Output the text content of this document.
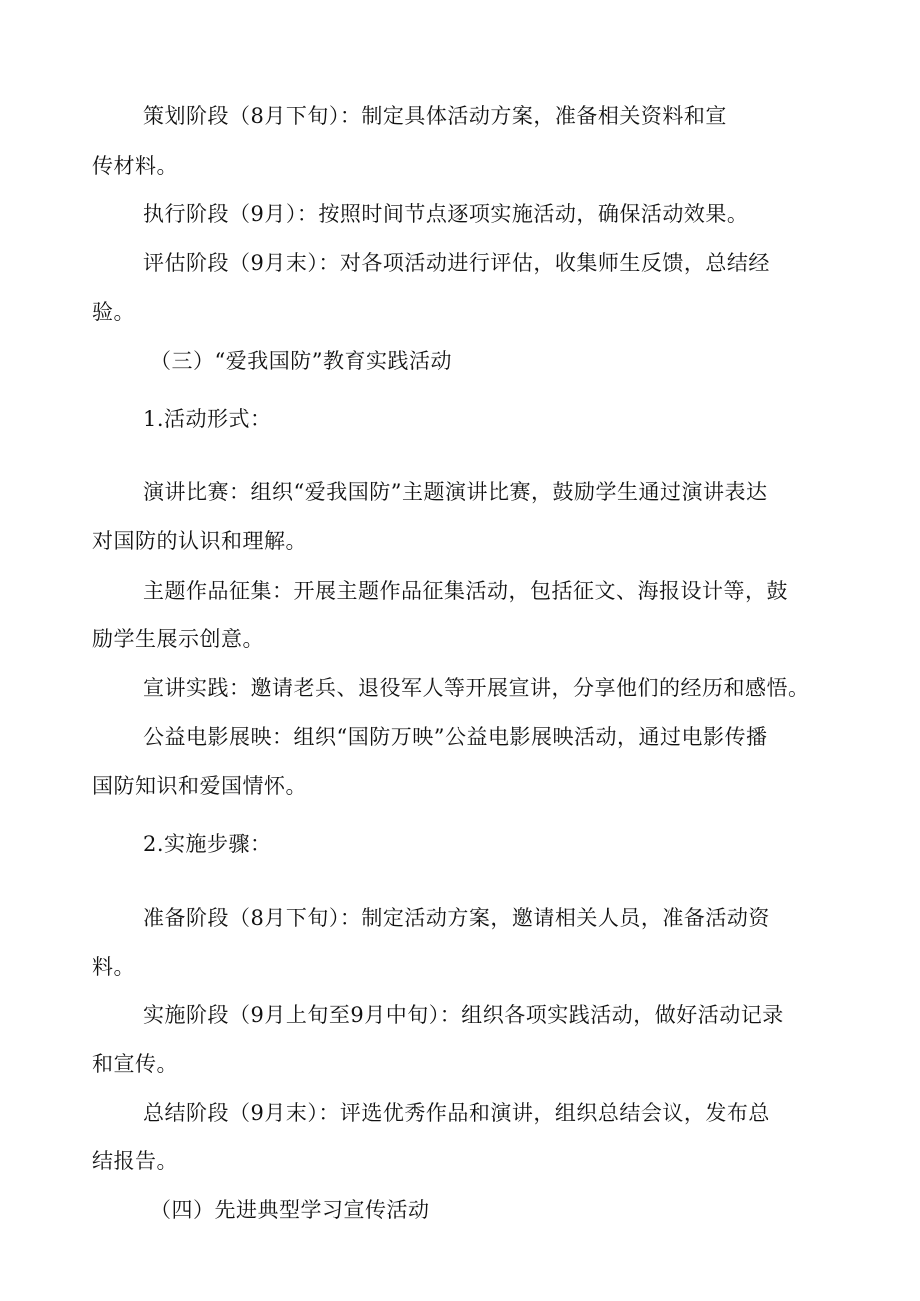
策划阶段（8月下旬）：制定具体活动方案，准备相关资料和宣
传材料。
执行阶段（9月）：按照时间节点逐项实施活动，确保活动效果。
评估阶段（9月末）：对各项活动进行评估，收集师生反馈，总结经
验。
（三）“爱我国防”教育实践活动
1.活动形式：
演讲比赛：组织“爱我国防”主题演讲比赛，鼓励学生通过演讲表达
对国防的认识和理解。
主题作品征集：开展主题作品征集活动，包括征文、海报设计等，鼓
励学生展示创意。
宣讲实践：邀请老兵、退役军人等开展宣讲，分享他们的经历和感悟。
公益电影展映：组织“国防万映”公益电影展映活动，通过电影传播
国防知识和爱国情怀。
2.实施步骤：
准备阶段（8月下旬）：制定活动方案，邀请相关人员，准备活动资
料。
实施阶段（9月上旬至9月中旬）：组织各项实践活动，做好活动记录
和宣传。
总结阶段（9月末）：评选优秀作品和演讲，组织总结会议，发布总
结报告。
（四）先进典型学习宣传活动
